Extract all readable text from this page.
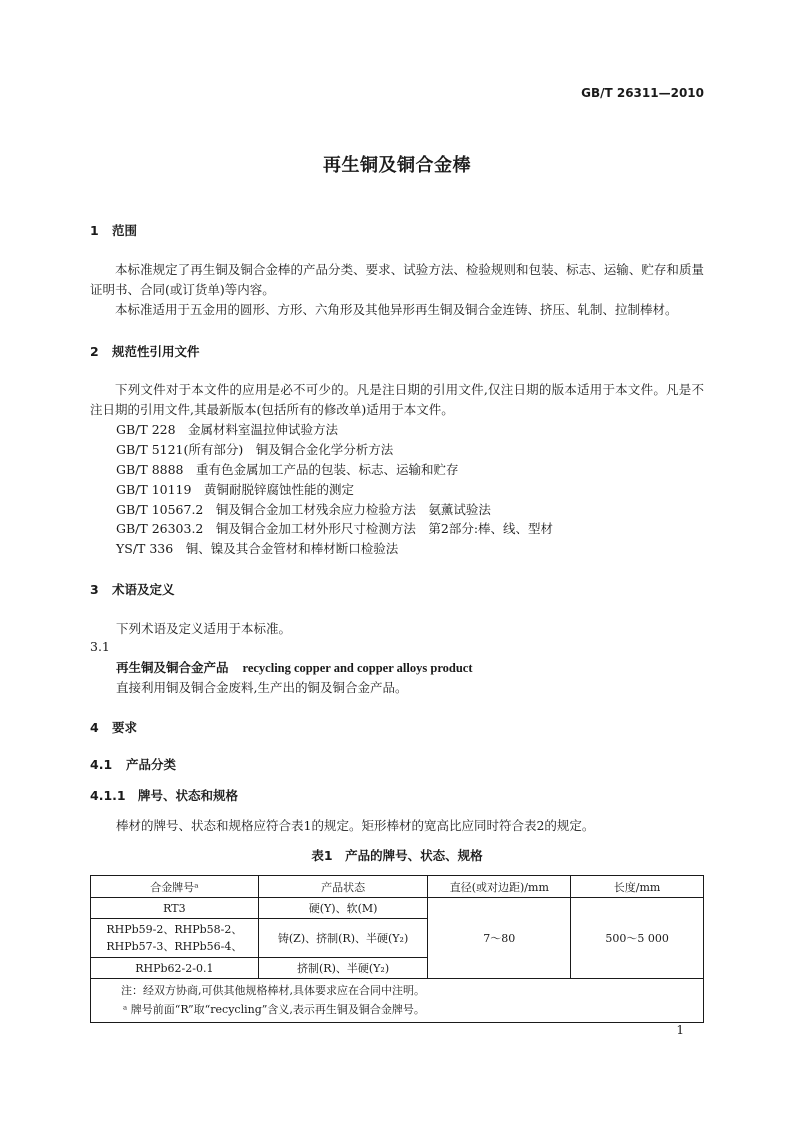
GB/T 26311—2010
再生铜及铜合金棒
1 范围
本标准规定了再生铜及铜合金棒的产品分类、要求、试验方法、检验规则和包装、标志、运输、贮存和质量证明书、合同(或订货单)等内容。
本标准适用于五金用的圆形、方形、六角形及其他异形再生铜及铜合金连铸、挤压、轧制、拉制棒材。
2 规范性引用文件
下列文件对于本文件的应用是必不可少的。凡是注日期的引用文件,仅注日期的版本适用于本文件。凡是不注日期的引用文件,其最新版本(包括所有的修改单)适用于本文件。
GB/T 228　金属材料室温拉伸试验方法
GB/T 5121(所有部分)　铜及铜合金化学分析方法
GB/T 8888　重有色金属加工产品的包装、标志、运输和贮存
GB/T 10119　黄铜耐脱锌腐蚀性能的测定
GB/T 10567.2　铜及铜合金加工材残余应力检验方法　氨薰试验法
GB/T 26303.2　铜及铜合金加工材外形尺寸检测方法　第2部分:棒、线、型材
YS/T 336　铜、镍及其合金管材和棒材断口检验法
3 术语及定义
下列术语及定义适用于本标准。
3.1
再生铜及铜合金产品 recycling copper and copper alloys product
直接利用铜及铜合金废料,生产出的铜及铜合金产品。
4 要求
4.1 产品分类
4.1.1 牌号、状态和规格
棒材的牌号、状态和规格应符合表1的规定。矩形棒材的宽高比应同时符合表2的规定。
表1　产品的牌号、状态、规格
合金牌号ᵃ	产品状态	直径(或对边距)/mm	长度/mm
RT3	硬(Y)、软(M)	7～80	500～5 000

RHPb59-2、RHPb58-2、
RHPb57-3、RHPb56-4、	铸(Z)、挤制(R)、半硬(Y₂)		
RHPb62-2-0.1	挤制(R)、半硬(Y₂)		

注：经双方协商,可供其他规格棒材,具体要求应在合同中注明。
ᵃ 牌号前面“R”取“recycling”含义,表示再生铜及铜合金牌号。			
1
